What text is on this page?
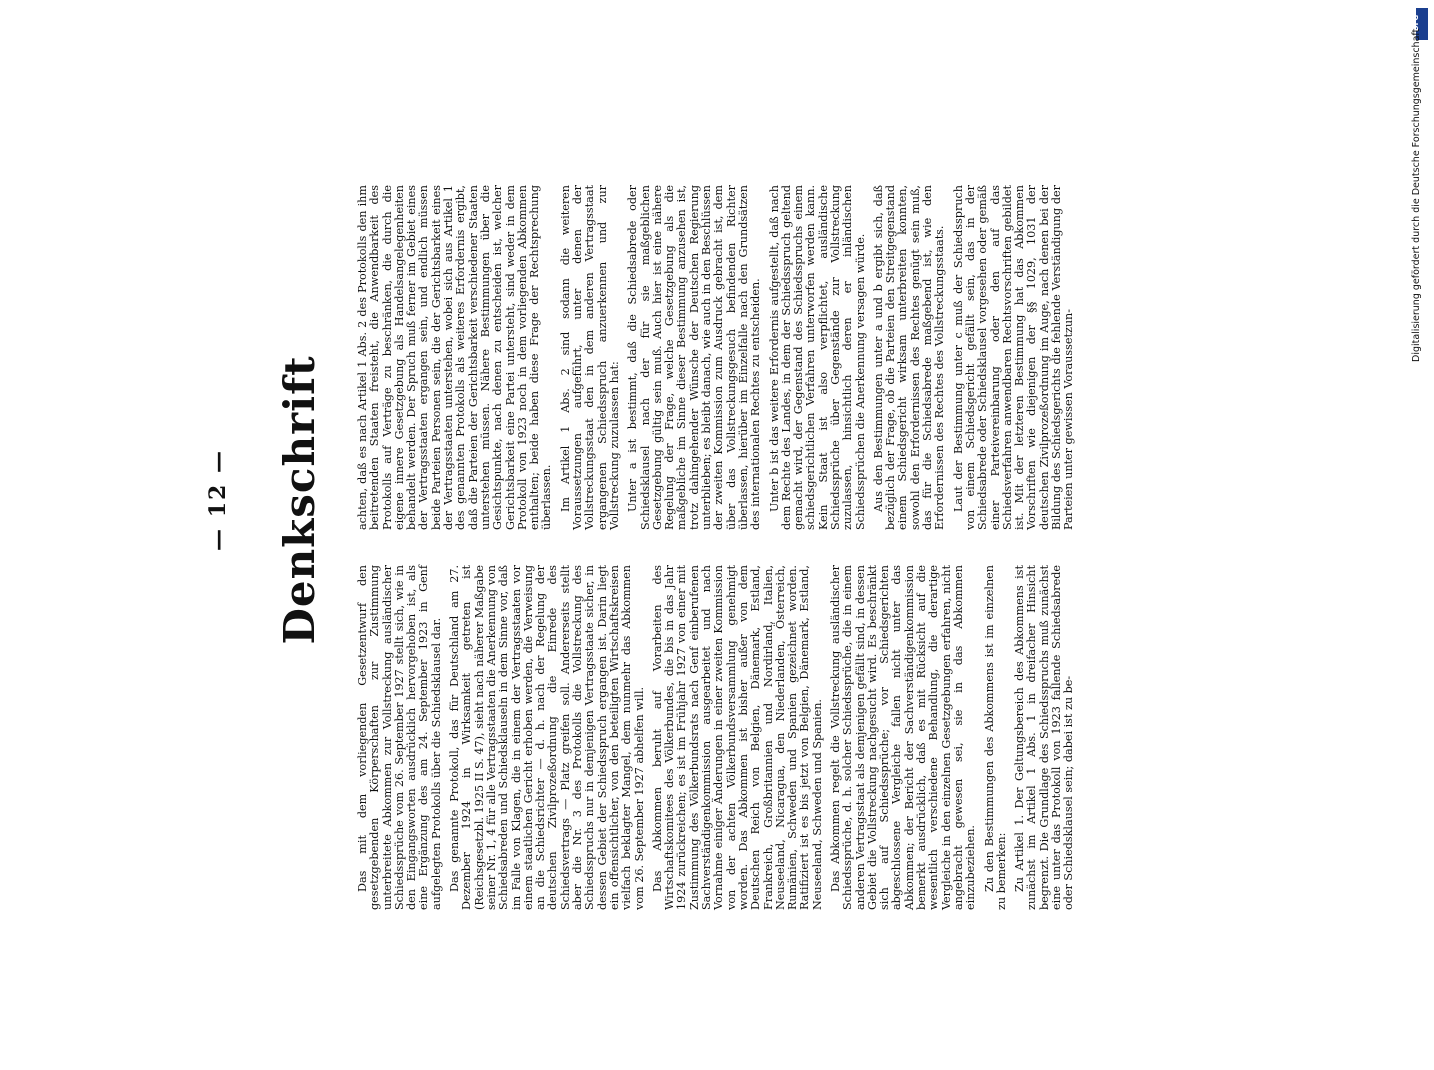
— 12 — Denkschrift

Das mit dem vorliegenden Gesetzentwurf den gesetzgebenden Körperschaften zur Zustimmung unterbreitete Abkommen zur Vollstreckung ausländischer Schiedssprüche vom 26. September 1927 stellt sich, wie in den Eingangsworten ausdrücklich hervorgehoben ist, als eine Ergänzung des am 24. September 1923 in Genf aufgelegten Protokolls über die Schiedsklausel dar. Das genannte Protokoll, das für Deutschland am 27. Dezember 1924 in Wirksamkeit getreten ist (Reichsgesetzbl. 1925 II S. 47), sieht nach näherer Maßgabe seiner Nr. 1, 4 für alle Vertragsstaaten die Anerkennung von Schiedsabreden und Schiedsklauseln in dem Sinne vor, daß im Falle von Klagen, die in einem der Vertragsstaaten vor einem staatlichen Gericht erhoben werden, die Verweisung an die Schiedsrichter — d. h. nach der Regelung der deutschen Zivilprozeßordnung die Einrede des Schiedsvertrags — Platz greifen soll. Andererseits stellt aber die Nr. 3 des Protokolls die Vollstreckung des Schiedsspruchs nur in demjenigen Vertragsstaate sicher, in dessen Gebiet der Schiedsspruch ergangen ist. Darin liegt ein offensichtlicher, von den beteiligten Wirtschaftskreisen vielfach beklagter Mangel, dem nunmehr das Abkommen vom 26. September 1927 abhelfen will. Das Abkommen beruht auf Vorarbeiten des Wirtschaftskomitees des Völkerbundes, die bis in das Jahr 1924 zurückreichen; es ist im Frühjahr 1927 von einer mit Zustimmung des Völkerbundsrats nach Genf einberufenen Sachverständigenkommission ausgearbeitet und nach Vornahme einiger Änderungen in einer zweiten Kommission von der achten Völkerbundsversammlung genehmigt worden. Das Abkommen ist bisher außer von dem Deutschen Reich von Belgien, Dänemark, Estland, Frankreich, Großbritannien und Nordirland, Italien, Neuseeland, Nicaragua, den Niederlanden, Österreich, Rumänien, Schweden und Spanien gezeichnet worden. Ratifiziert ist es bis jetzt von Belgien, Dänemark, Estland, Neuseeland, Schweden und Spanien. Das Abkommen regelt die Vollstreckung ausländischer Schiedssprüche, d. h. solcher Schiedssprüche, die in einem anderen Vertragsstaat als demjenigen gefällt sind, in dessen Gebiet die Vollstreckung nachgesucht wird. Es beschränkt sich auf Schiedssprüche; vor Schiedsgerichten abgeschlossene Vergleiche fallen nicht unter das Abkommen; der Bericht der Sachverständigenkommission bemerkt ausdrücklich, daß es mit Rücksicht auf die wesentlich verschiedene Behandlung, die derartige Vergleiche in den einzelnen Gesetzgebungen erfahren, nicht angebracht gewesen sei, sie in das Abkommen einzubeziehen. Zu den Bestimmungen des Abkommens ist im einzelnen zu bemerken: Zu Artikel 1. Der Geltungsbereich des Abkommens ist zunächst im Artikel 1 Abs. 1 in dreifacher Hinsicht begrenzt. Die Grundlage des Schiedsspruchs muß zunächst eine unter das Protokoll von 1923 fallende Schiedsabrede oder Schiedsklausel sein; dabei ist zu be-

achten, daß es nach Artikel 1 Abs. 2 des Protokolls den ihm beitretenden Staaten freisteht, die Anwendbarkeit des Protokolls auf Verträge zu beschränken, die durch die eigene innere Gesetzgebung als Handelsangelegenheiten behandelt werden. Der Spruch muß ferner im Gebiet eines der Vertragsstaaten ergangen sein, und endlich müssen beide Parteien Personen sein, die der Gerichtsbarkeit eines der Vertragsstaaten unterstehen, wobei sich aus Artikel 1 des genannten Protokolls als weiteres Erfordernis ergibt, daß die Parteien der Gerichtsbarkeit verschiedener Staaten unterstehen müssen. Nähere Bestimmungen über die Gesichtspunkte, nach denen zu entscheiden ist, welcher Gerichtsbarkeit eine Partei untersteht, sind weder in dem Protokoll von 1923 noch in dem vorliegenden Abkommen enthalten; beide haben diese Frage der Rechtsprechung überlassen. Im Artikel 1 Abs. 2 sind sodann die weiteren Voraussetzungen aufgeführt, unter denen der Vollstreckungsstaat den in dem anderen Vertragsstaat ergangenen Schiedsspruch anzuerkennen und zur Vollstreckung zuzulassen hat: Unter a ist bestimmt, daß die Schiedsabrede oder Schiedsklausel nach der für sie maßgeblichen Gesetzgebung gültig sein muß. Auch hier ist eine nähere Regelung der Frage, welche Gesetzgebung als die maßgebliche im Sinne dieser Bestimmung anzusehen ist, trotz dahingehender Wünsche der Deutschen Regierung unterblieben; es bleibt danach, wie auch in den Beschlüssen der zweiten Kommission zum Ausdruck gebracht ist, dem über das Vollstreckungsgesuch befindenden Richter überlassen, hierüber im Einzelfalle nach den Grundsätzen des internationalen Rechtes zu entscheiden. Unter b ist das weitere Erfordernis aufgestellt, daß nach dem Rechte des Landes, in dem der Schiedsspruch geltend gemacht wird, der Gegenstand des Schiedsspruchs einem schiedsgerichtlichen Verfahren unterworfen werden kann. Kein Staat ist also verpflichtet, ausländische Schiedssprüche über Gegenstände zur Vollstreckung zuzulassen, hinsichtlich deren er inländischen Schiedssprüchen die Anerkennung versagen würde. Aus den Bestimmungen unter a und b ergibt sich, daß bezüglich der Frage, ob die Parteien den Streitgegenstand einem Schiedsgericht wirksam unterbreiten konnten, sowohl den Erfordernissen des Rechtes genügt sein muß, das für die Schiedsabrede maßgebend ist, wie den Erfordernissen des Rechtes des Vollstreckungsstaats. Laut der Bestimmung unter c muß der Schiedsspruch von einem Schiedsgericht gefällt sein, das in der Schiedsabrede oder Schiedsklausel vorgesehen oder gemäß einer Parteivereinbarung oder den auf das Schiedsverfahren anwendbaren Rechtsvorschriften gebildet ist. Mit der letzteren Bestimmung hat das Abkommen Vorschriften wie diejenigen der §§ 1029, 1031 der deutschen Zivilprozeßordnung im Auge, nach denen bei der Bildung des Schiedsgerichts die fehlende Verständigung der Parteien unter gewissen Voraussetzun-

DFG
Digitalisierung gefördert durch die Deutsche Forschungsgemeinschaft
